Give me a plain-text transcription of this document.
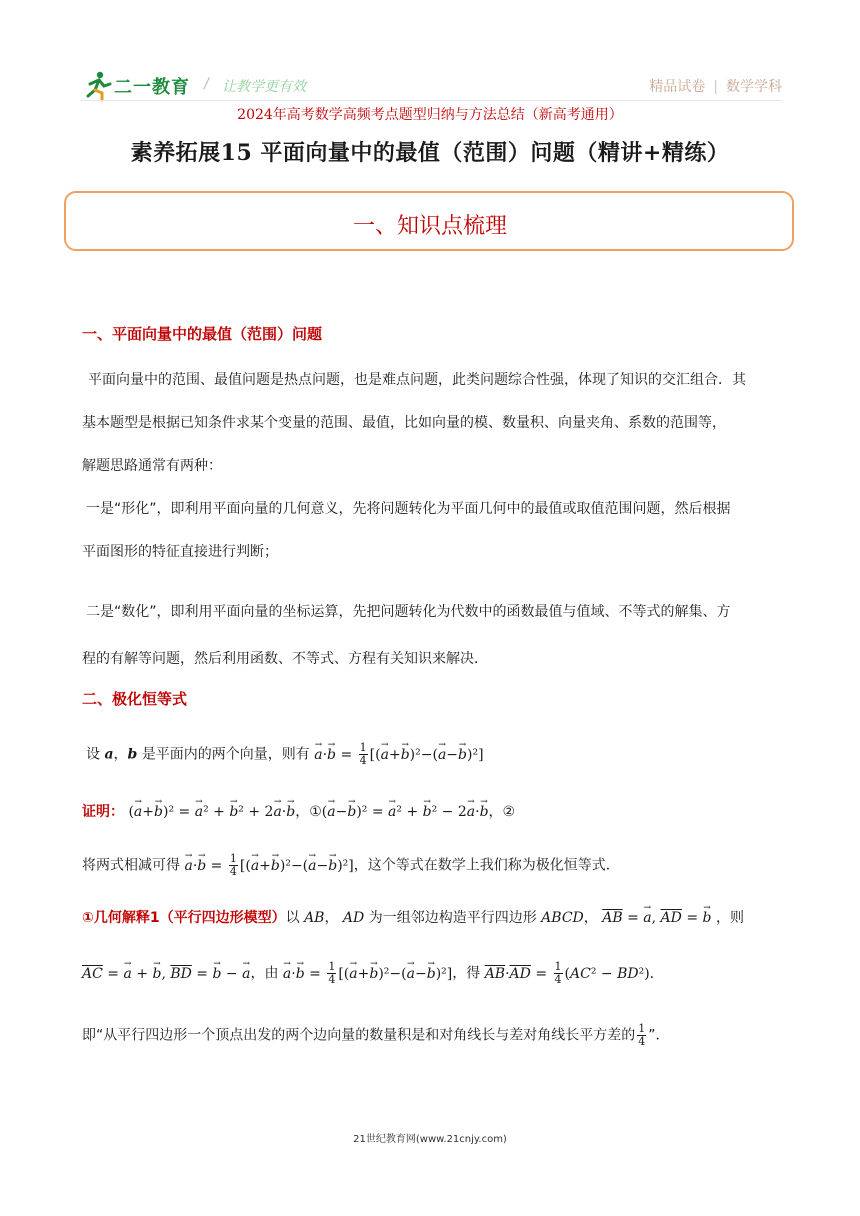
二一教育 / 让教学更有效	精品试卷 | 数学学科
2024年高考数学高频考点题型归纳与方法总结（新高考通用）
素养拓展15 平面向量中的最值（范围）问题（精讲+精练）
一、知识点梳理
一、平面向量中的最值（范围）问题
平面向量中的范围、最值问题是热点问题，也是难点问题，此类问题综合性强，体现了知识的交汇组合．其
基本题型是根据已知条件求某个变量的范围、最值，比如向量的模、数量积、向量夹角、系数的范围等，
解题思路通常有两种：
一是“形化”，即利用平面向量的几何意义，先将问题转化为平面几何中的最值或取值范围问题，然后根据
平面图形的特征直接进行判断；
二是“数化”，即利用平面向量的坐标运算，先把问题转化为代数中的函数最值与值域、不等式的解集、方
程的有解等问题，然后利用函数、不等式、方程有关知识来解决．
二、极化恒等式
设 a，b 是平面内的两个向量，则有 → $a\cdot\to b = \frac{1}{4}$ [(→ a+→ b)²−(→ a−→ b)²]
证明： (→ a+→ b)² = → a² + → b² + 2→ a·→ b，①(→ a−→ b)² = → a² + → b² − 2→ a·→ b，②
将两式相减可得 → $a\cdot\to b = \frac{1}{4}$ [(→ a+→ b)²−(→ a−→ b)²]，这个等式在数学上我们称为极化恒等式．
①几何解释1（平行四边形模型）以 AB， AD 为一组邻边构造平行四边形 ABCD， $\overline{AB}$ = → a, $\overline{AD}$ = → b ，则
$\overline{AC}$ = → a + → b, $\overline{BD}$ = → b − → a，由 → $a\cdot\to b = \frac{1}{4}$ [(→ a+→ b)²−(→ a−→ b)²]，得 $\overline{AB}\cdot\overline{AD} = \frac{1}{4} (AC^2 - BD^2)$．
即“从平行四边形一个顶点出发的两个边向量的数量积是和对角线长与差对角线长平方差的 $\frac{1}{4}$ ”．
21世纪教育网(www.21cnjy.com)
